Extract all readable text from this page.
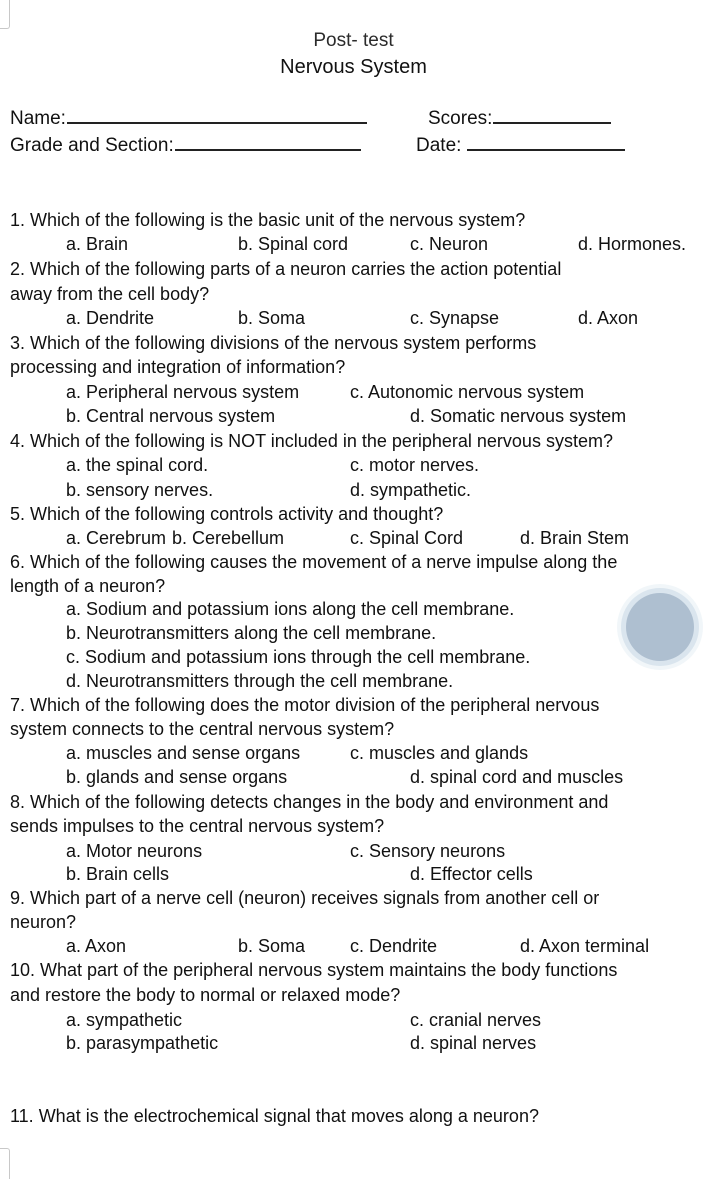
Post- test
Nervous System
Name:	Scores:
Grade and Section:	Date:
1. Which of the following is the basic unit of the nervous system?
a. Brain	b. Spinal cord	c. Neuron	d. Hormones.
2. Which of the following parts of a neuron carries the action potential
away from the cell body?
a. Dendrite	b. Soma	c. Synapse	d. Axon
3. Which of the following divisions of the nervous system performs
processing and integration of information?
a. Peripheral nervous system	c. Autonomic nervous system
b. Central nervous system	d. Somatic nervous system
4. Which of the following is NOT included in the peripheral nervous system?
a. the spinal cord.	c. motor nerves.
b. sensory nerves.	d. sympathetic.
5. Which of the following controls activity and thought?
a. Cerebrum b. Cerebellum	c. Spinal Cord	d. Brain Stem
6. Which of the following causes the movement of a nerve impulse along the
length of a neuron?
a. Sodium and potassium ions along the cell membrane.
b. Neurotransmitters along the cell membrane.
c. Sodium and potassium ions through the cell membrane.
d. Neurotransmitters through the cell membrane.
7. Which of the following does the motor division of the peripheral nervous
system connects to the central nervous system?
a. muscles and sense organs	c. muscles and glands
b. glands and sense organs	d. spinal cord and muscles
8. Which of the following detects changes in the body and environment and
sends impulses to the central nervous system?
a. Motor neurons	c. Sensory neurons
b. Brain cells	d. Effector cells
9. Which part of a nerve cell (neuron) receives signals from another cell or
neuron?
a. Axon	b. Soma c. Dendrite	d. Axon terminal
10. What part of the peripheral nervous system maintains the body functions
and restore the body to normal or relaxed mode?
a. sympathetic	c. cranial nerves
b. parasympathetic	d. spinal nerves
11. What is the electrochemical signal that moves along a neuron?
